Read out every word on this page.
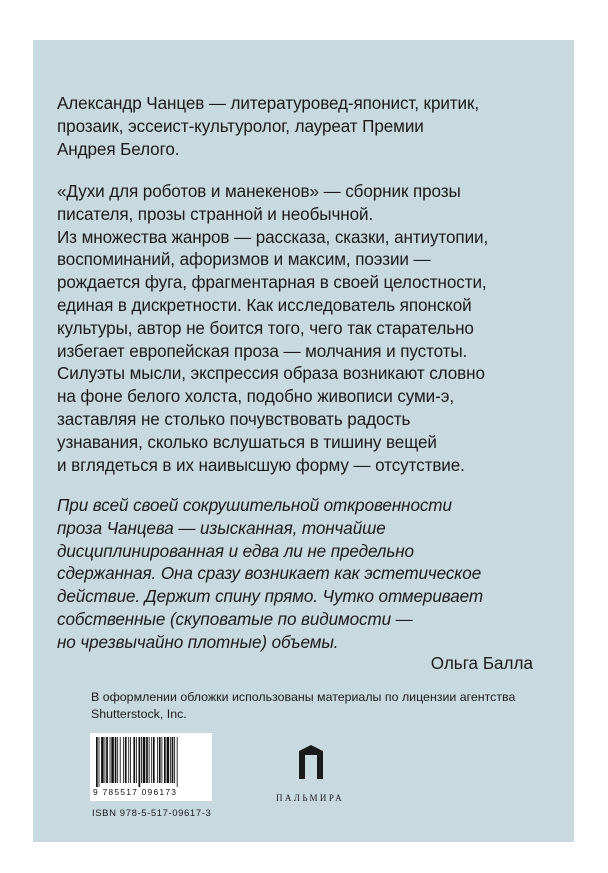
Александр Чанцев — литературовед-японист, критик,
прозаик, эссеист-культуролог, лауреат Премии
Андрея Белого.

«Духи для роботов и манекенов» — сборник прозы
писателя, прозы странной и необычной.
Из множества жанров — рассказа, сказки, антиутопии,
воспоминаний, афоризмов и максим, поэзии —
рождается фуга, фрагментарная в своей целостности,
единая в дискретности. Как исследователь японской
культуры, автор не боится того, чего так старательно
избегает европейская проза — молчания и пустоты.
Силуэты мысли, экспрессия образа возникают словно
на фоне белого холста, подобно живописи суми-э,
заставляя не столько почувствовать радость
узнавания, сколько вслушаться в тишину вещей
и вглядеться в их наивысшую форму — отсутствие.

При всей своей сокрушительной откровенности
проза Чанцева — изысканная, тончайше
дисциплинированная и едва ли не предельно
сдержанная. Она сразу возникает как эстетическое
действие. Держит спину прямо. Чутко отмеривает
собственные (скуповатые по видимости —
но чрезвычайно плотные) объемы.

Ольга Балла
В оформлении обложки использованы материалы по лицензии агентства
Shutterstock, Inc.
9 785517 096173
ISBN 978-5-517-09617-3
ПАЛЬМИРА
